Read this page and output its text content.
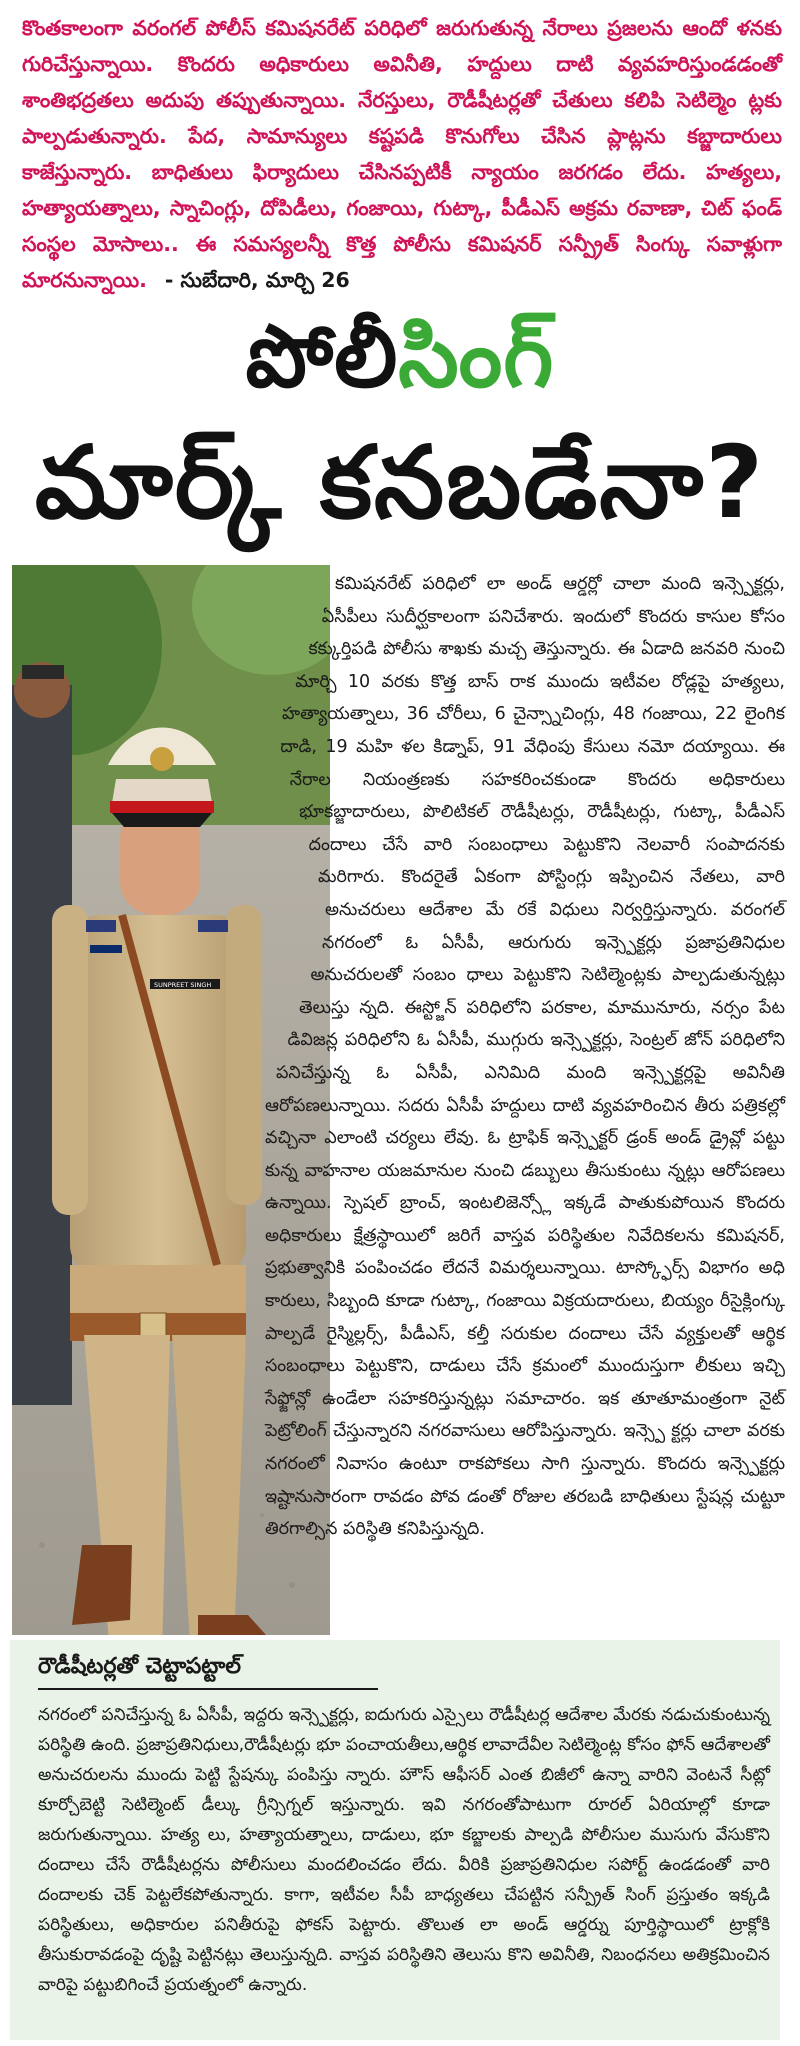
కొంతకాలంగా వరంగల్ పోలీస్ కమిషనరేట్ పరిధిలో జరుగుతున్న నేరాలు ప్రజలను ఆందో ళనకు గురిచేస్తున్నాయి. కొందరు అధికారులు అవినీతి, హద్దులు దాటి వ్యవహరిస్తుండడంతో శాంతిభద్రతలు అదుపు తప్పుతున్నాయి. నేరస్తులు, రౌడీషీటర్లతో చేతులు కలిపి సెటిల్మెం ట్లకు పాల్పడుతున్నారు. పేద, సామాన్యులు కష్టపడి కొనుగోలు చేసిన ప్లాట్లను కబ్జాదారులు కాజేస్తున్నారు. బాధితులు ఫిర్యాదులు చేసినప్పటికీ న్యాయం జరగడం లేదు. హత్యలు, హత్యాయత్నాలు, స్నాచింగ్లు, దోపిడీలు, గంజాయి, గుట్కా, పీడీఎస్ అక్రమ రవాణా, చిట్ ఫండ్ సంస్థల మోసాలు.. ఈ సమస్యలన్నీ కొత్త పోలీసు కమిషనర్ సన్ప్రీత్ సింగ్కు సవాళ్లుగా మారనున్నాయి. - సుబేదారి, మార్చి 26

పోలీసింగ్
మార్క్ కనబడేనా?
SUNPREET SINGH
కమిషనరేట్ పరిధిలో లా అండ్ ఆర్డర్లో చాలా మంది ఇన్స్పెక్టర్లు, ఏసీపీలు సుదీర్ఘకాలంగా పనిచేశారు. ఇందులో కొందరు కాసుల కోసం కక్కుర్తిపడి పోలీసు శాఖకు మచ్చ తెస్తున్నారు. ఈ ఏడాది జనవరి నుంచి మార్చి 10 వరకు కొత్త బాస్ రాక ముందు ఇటీవల రోడ్లపై హత్యలు, హత్యాయత్నాలు, 36 చోరీలు, 6 చైన్స్నాచింగ్లు, 48 గంజాయి, 22 లైంగిక దాడి, 19 మహి ళల కిడ్నాప్, 91 వేధింపు కేసులు నమో దయ్యాయి. ఈ నేరాల నియంత్రణకు సహకరించకుండా కొందరు అధికారులు భూకబ్జాదారులు, పొలిటికల్ రౌడీషీటర్లు, రౌడీషీటర్లు, గుట్కా, పీడీఎస్ దందాలు చేసే వారి సంబంధాలు పెట్టుకొని నెలవారీ సంపాదనకు మరిగారు. కొందరైతే ఏకంగా పోస్టింగ్లు ఇప్పించిన నేతలు, వారి అనుచరులు ఆదేశాల మే రకే విధులు నిర్వర్తిస్తున్నారు. వరంగల్ నగరంలో ఓ ఏసీపీ, ఆరుగురు ఇన్స్పెక్టర్లు ప్రజాప్రతినిధుల అనుచరులతో సంబం ధాలు పెట్టుకొని సెటిల్మెంట్లకు పాల్పడుతున్నట్లు తెలుస్తు న్నది. ఈస్ట్జోన్ పరిధిలోని పరకాల, మామునూరు, నర్సం పేట డివిజన్ల పరిధిలోని ఓ ఏసీపీ, ముగ్గురు ఇన్స్పెక్టర్లు, సెంట్రల్ జోన్ పరిధిలోని పనిచేస్తున్న ఓ ఏసీపీ, ఎనిమిది మంది ఇన్స్పెక్టర్లపై అవినీతి ఆరోపణలున్నాయి. సదరు ఏసీపీ హద్దులు దాటి వ్యవహరించిన తీరు పత్రికల్లో వచ్చినా ఎలాంటి చర్యలు లేవు. ఓ ట్రాఫిక్ ఇన్స్పెక్టర్ డ్రంక్ అండ్ డ్రైవ్లో పట్టు కున్న వాహనాల యజమానుల నుంచి డబ్బులు తీసుకుంటు న్నట్లు ఆరోపణలు ఉన్నాయి. స్పెషల్ బ్రాంచ్, ఇంటలిజెన్స్లో ఇక్కడే పాతుకుపోయిన కొందరు అధికారులు క్షేత్రస్థాయిలో జరిగే వాస్తవ పరిస్థితుల నివేదికలను కమిషనర్, ప్రభుత్వానికి పంపించడం లేదనే విమర్శలున్నాయి. టాస్క్ఫోర్స్ విభాగం అధి కారులు, సిబ్బంది కూడా గుట్కా, గంజాయి విక్రయదారులు, బియ్యం రీసైక్లింగ్కు పాల్పడే రైస్మిల్లర్స్, పీడీఎస్, కల్తీ సరుకుల దందాలు చేసే వ్యక్తులతో ఆర్థిక సంబంధాలు పెట్టుకొని, దాడులు చేసే క్రమంలో ముందుస్తుగా లీకులు ఇచ్చి సేఫ్జోన్లో ఉండేలా సహకరిస్తున్నట్లు సమాచారం. ఇక తూతూమంత్రంగా నైట్ పెట్రోలింగ్ చేస్తున్నారని నగరవాసులు ఆరోపిస్తున్నారు. ఇన్స్పె క్టర్లు చాలా వరకు నగరంలో నివాసం ఉంటూ రాకపోకలు సాగి స్తున్నారు. కొందరు ఇన్స్పెక్టర్లు ఇష్టానుసారంగా రావడం పోవ డంతో రోజుల తరబడి బాధితులు స్టేషన్ల చుట్టూ తిరగాల్సిన పరిస్థితి కనిపిస్తున్నది.
రౌడీషీటర్లతో చెట్టాపట్టాల్

నగరంలో పనిచేస్తున్న ఓ ఏసీపీ, ఇద్దరు ఇన్స్పెక్టర్లు, ఐదుగురు ఎస్సైలు రౌడీషీటర్ల ఆదేశాల మేరకు నడుచుకుంటున్న పరిస్థితి ఉంది. ప్రజాప్రతినిధులు,రౌడీషీటర్లు భూ పంచాయతీలు,ఆర్థిక లావాదేవీల సెటిల్మెంట్ల కోసం ఫోన్ ఆదేశాలతో అనుచరులను ముందు పెట్టి స్టేషన్కు పంపిస్తు న్నారు. హౌస్ ఆఫీసర్ ఎంత బిజీలో ఉన్నా వారిని వెంటనే సీట్లో కూర్చోబెట్టి సెటిల్మెంట్ డీల్కు గ్రీన్సిగ్నల్ ఇస్తున్నారు. ఇవి నగరంతోపాటుగా రూరల్ ఏరియాల్లో కూడా జరుగుతున్నాయి. హత్య లు, హత్యాయత్నాలు, దాడులు, భూ కబ్జాలకు పాల్పడి పోలీసుల ముసుగు వేసుకొని దందాలు చేసే రౌడీషీటర్లను పోలీసులు మందలించడం లేదు. వీరికి ప్రజాప్రతినిధుల సపోర్ట్ ఉండడంతో వారి దందాలకు చెక్ పెట్టలేకపోతున్నారు. కాగా, ఇటీవల సీపీ బాధ్యతలు చేపట్టిన సన్ప్రీత్ సింగ్ ప్రస్తుతం ఇక్కడి పరిస్థితులు, అధికారుల పనితీరుపై ఫోకస్ పెట్టారు. తొలుత లా అండ్ ఆర్డర్ను పూర్తిస్థాయిలో ట్రాక్లోకి తీసుకురావడంపై దృష్టి పెట్టినట్లు తెలుస్తున్నది. వాస్తవ పరిస్థితిని తెలుసు కొని అవినీతి, నిబంధనలు అతిక్రమించిన వారిపై పట్టుబిగించే ప్రయత్నంలో ఉన్నారు.
